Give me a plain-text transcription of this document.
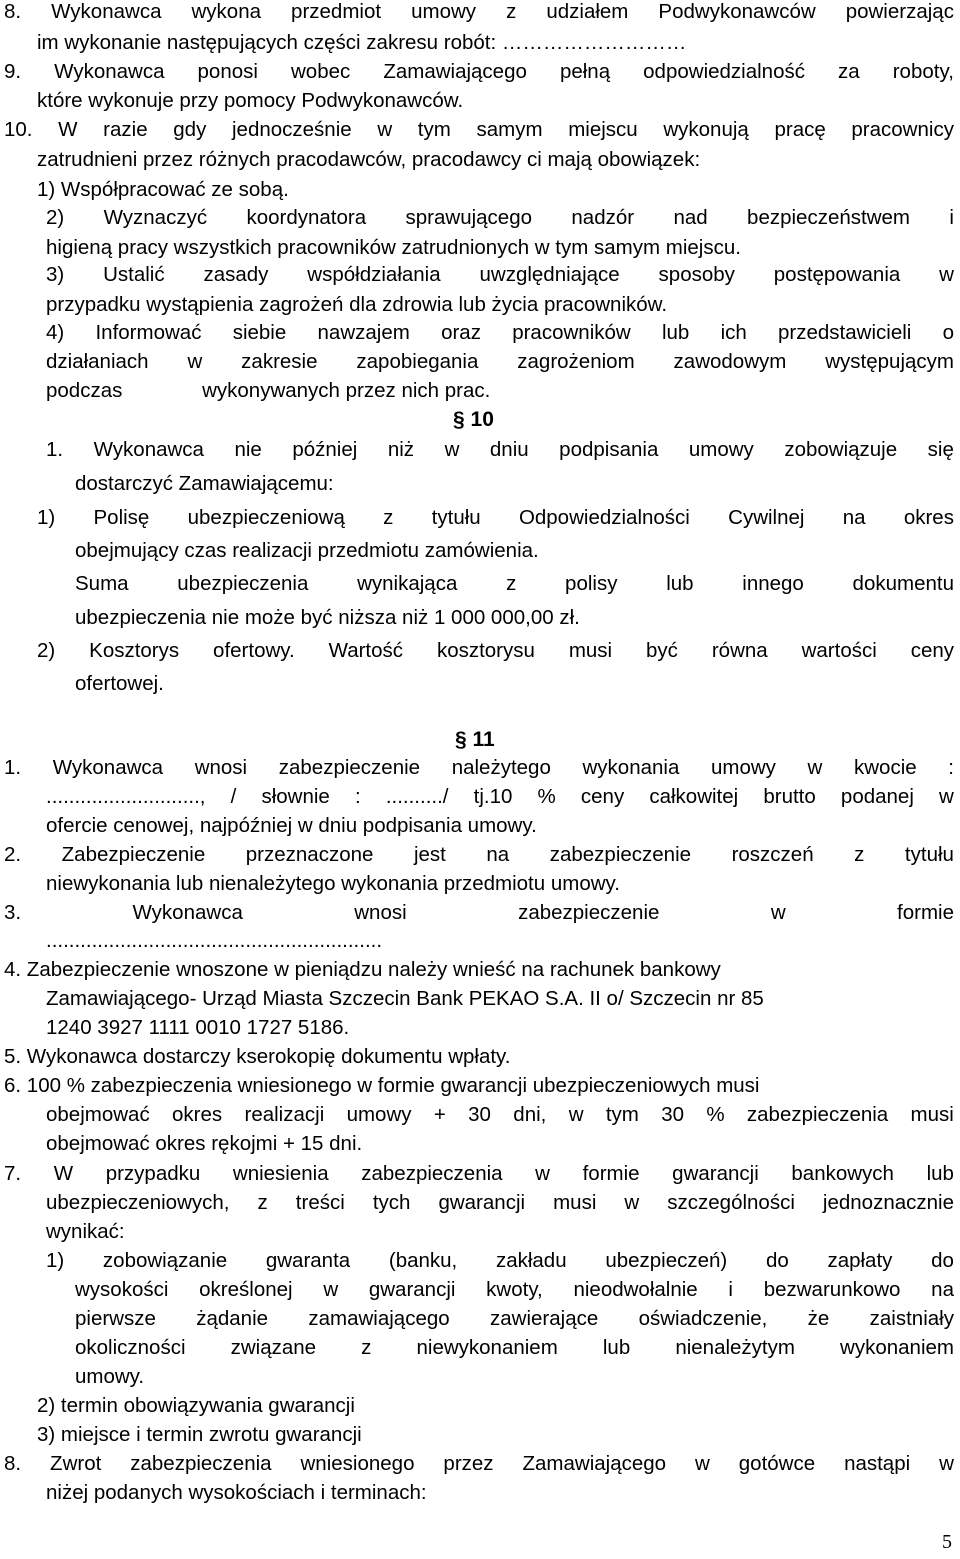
8. Wykonawca wykona przedmiot umowy z udziałem Podwykonawców powierzając
im wykonanie następujących części zakresu robót: ………………………
9. Wykonawca ponosi wobec Zamawiającego pełną odpowiedzialność za roboty,
które wykonuje przy pomocy Podwykonawców.
10. W razie gdy jednocześnie w tym samym miejscu wykonują pracę pracownicy
zatrudnieni przez różnych pracodawców, pracodawcy ci mają obowiązek:
1) Współpracować ze sobą.
2) Wyznaczyć koordynatora sprawującego nadzór nad bezpieczeństwem i
higieną pracy wszystkich pracowników zatrudnionych w tym samym miejscu.
3) Ustalić zasady współdziałania uwzględniające sposoby postępowania w
przypadku wystąpienia zagrożeń dla zdrowia lub życia pracowników.
4) Informować siebie nawzajem oraz pracowników lub ich przedstawicieli o
działaniach w zakresie zapobiegania zagrożeniom zawodowym występującym
podczas              wykonywanych przez nich prac.
§ 10
1. Wykonawca nie później niż w dniu podpisania umowy zobowiązuje się
dostarczyć Zamawiającemu:
1) Polisę ubezpieczeniową z tytułu Odpowiedzialności Cywilnej na okres
obejmujący czas realizacji przedmiotu zamówienia.
Suma ubezpieczenia wynikająca z polisy lub innego dokumentu
ubezpieczenia nie może być niższa niż 1 000 000,00 zł.
2) Kosztorys ofertowy. Wartość kosztorysu musi być równa wartości ceny
ofertowej.
§ 11
1. Wykonawca wnosi zabezpieczenie należytego wykonania umowy w kwocie :
..........................., / słownie : ........../ tj.10 % ceny całkowitej brutto podanej w
ofercie cenowej, najpóźniej w dniu podpisania umowy.
2. Zabezpieczenie przeznaczone jest na zabezpieczenie roszczeń z tytułu
niewykonania lub nienależytego wykonania przedmiotu umowy.
3.	Wykonawca	wnosi	zabezpieczenie	w	formie
...........................................................
4. Zabezpieczenie wnoszone w pieniądzu należy wnieść na rachunek bankowy
Zamawiającego- Urząd Miasta Szczecin Bank PEKAO S.A. II o/ Szczecin nr 85
1240 3927 1111 0010 1727 5186.
5. Wykonawca dostarczy kserokopię dokumentu wpłaty.
6. 100 % zabezpieczenia wniesionego w formie gwarancji ubezpieczeniowych musi
obejmować okres realizacji umowy + 30 dni, w tym 30 % zabezpieczenia musi
obejmować okres rękojmi + 15 dni.
7. W przypadku wniesienia zabezpieczenia w formie gwarancji bankowych lub
ubezpieczeniowych, z treści tych gwarancji musi w szczególności jednoznacznie
wynikać:
1) zobowiązanie gwaranta (banku, zakładu ubezpieczeń) do zapłaty do
wysokości określonej w gwarancji kwoty, nieodwołalnie i bezwarunkowo na
pierwsze żądanie zamawiającego zawierające oświadczenie, że zaistniały
okoliczności związane z niewykonaniem lub nienależytym wykonaniem
umowy.
2) termin obowiązywania gwarancji
3) miejsce i termin zwrotu gwarancji
8. Zwrot zabezpieczenia wniesionego przez Zamawiającego w gotówce nastąpi w
niżej podanych wysokościach i terminach:
5
